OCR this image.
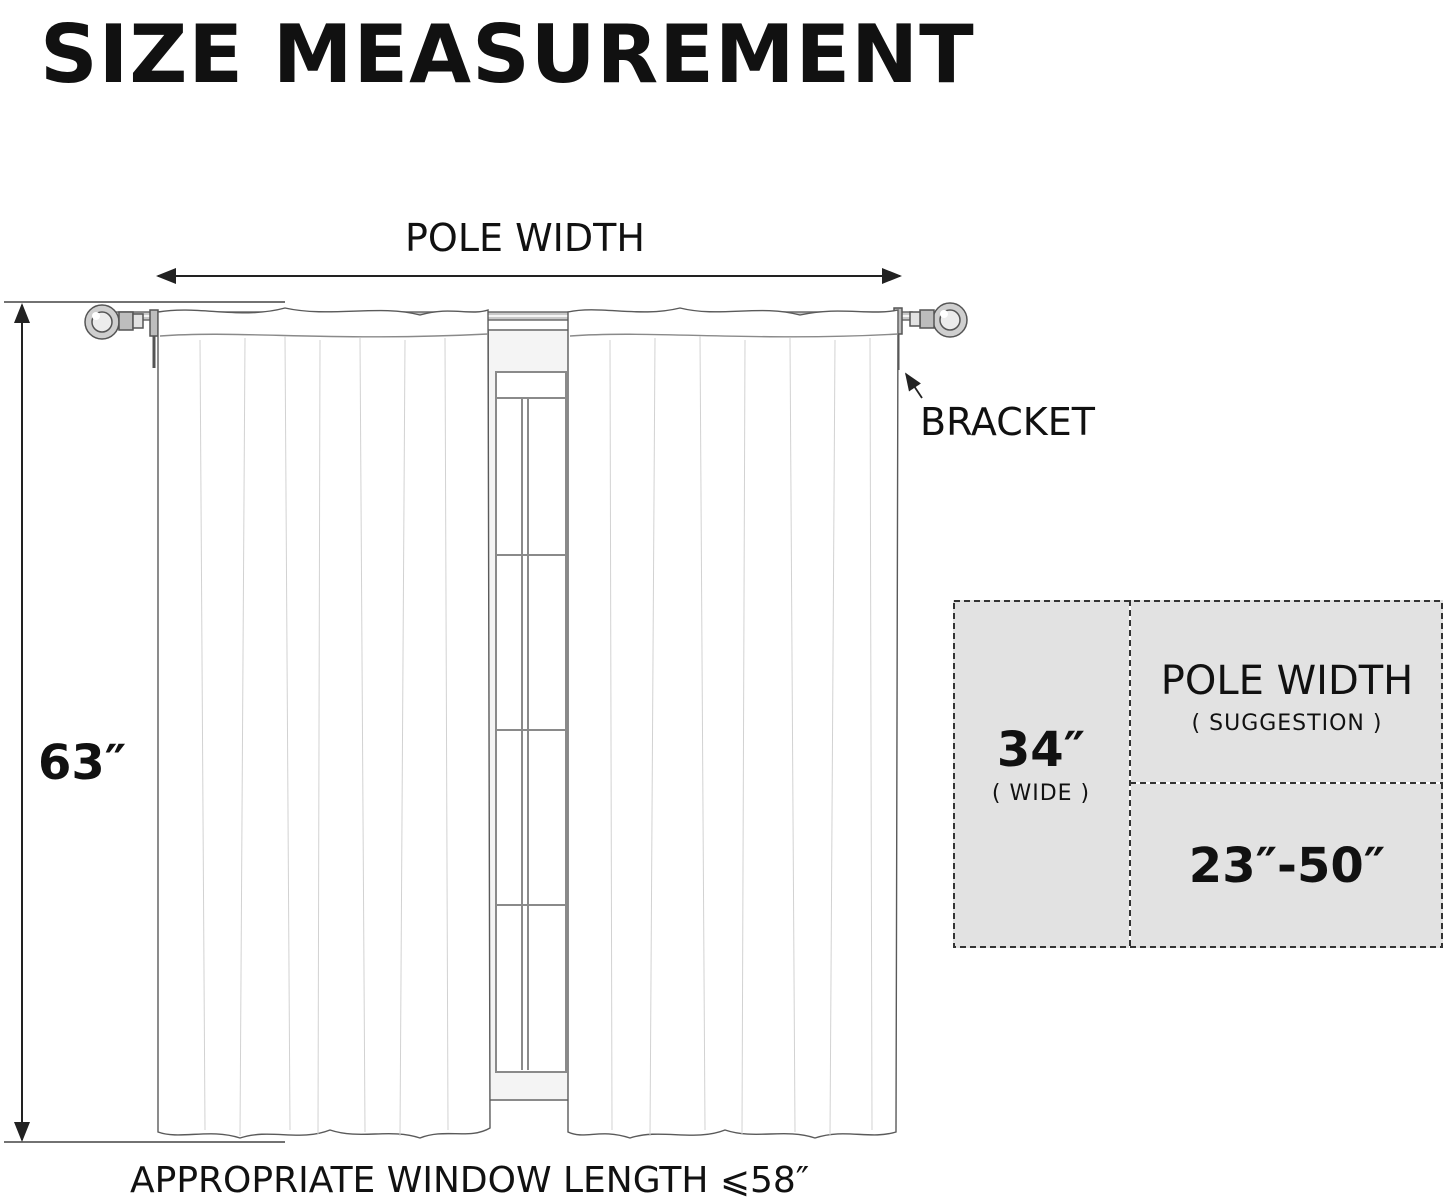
SIZE MEASUREMENT
POLE WIDTH
BRACKET
63″
APPROPRIATE WINDOW LENGTH ⩽58″
34″
( WIDE )
POLE WIDTH
( SUGGESTION )
23″-50″
